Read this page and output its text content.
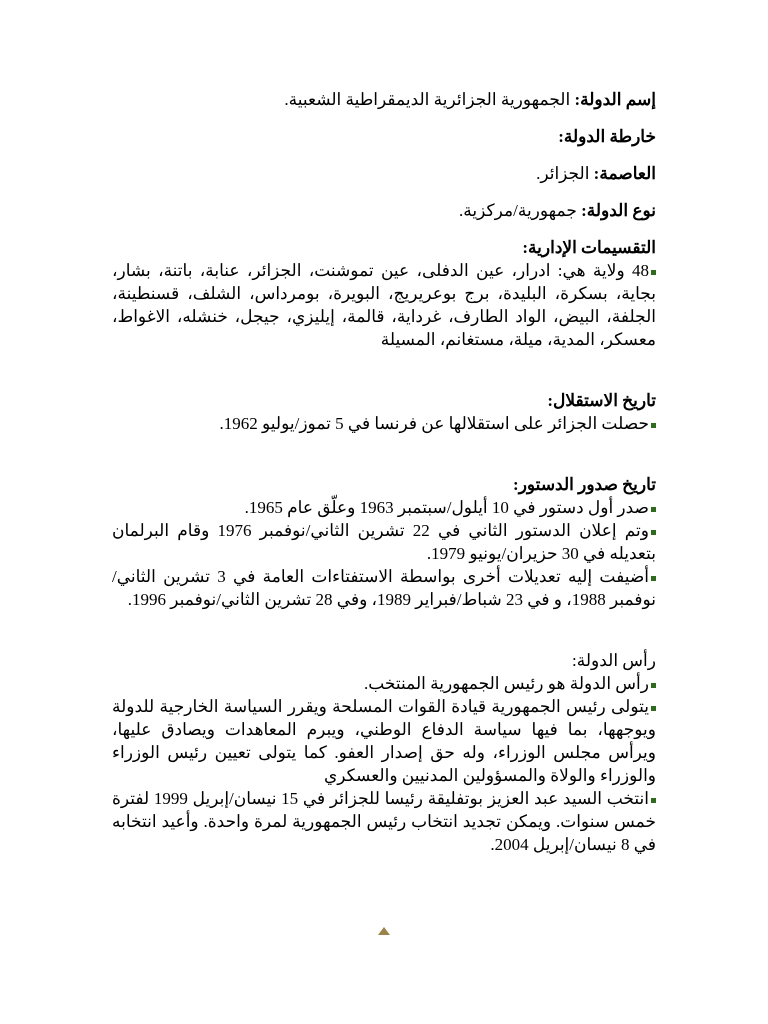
إسم الدولة: الجمهورية الجزائرية الديمقراطية الشعبية.

خارطة الدولة:

العاصمة: الجزائر.

نوع الدولة: جمهورية/مركزية.

التقسيمات الإدارية:

48 ولاية هي: ادرار، عين الدفلى، عين تموشنت، الجزائر، عنابة، باتنة، بشار، بجاية، بسكرة، البليدة، برج بوعريريج، البويرة، بومرداس، الشلف، قسنطينة، الجلفة، البيض، الواد الطارف، غرداية، قالمة، إيليزي، جيجل، خنشله، الاغواط، معسكر، المدية، ميلة، مستغانم، المسيلة

تاريخ الاستقلال:

حصلت الجزائر على استقلالها عن فرنسا في 5 تموز/يوليو 1962.

تاريخ صدور الدستور:

صدر أول دستور في 10 أيلول/سبتمبر 1963 وعلّق عام 1965.

وتم إعلان الدستور الثاني في 22 تشرين الثاني/نوفمبر 1976 وقام البرلمان بتعديله في 30 حزيران/يونيو 1979.

أضيفت إليه تعديلات أخرى بواسطة الاستفتاءات العامة في 3 تشرين الثاني/نوفمبر 1988، و في 23 شباط/فبراير 1989، وفي 28 تشرين الثاني/نوفمبر 1996.

رأس الدولة:

رأس الدولة هو رئيس الجمهورية المنتخب.

يتولى رئيس الجمهورية قيادة القوات المسلحة ويقرر السياسة الخارجية للدولة ويوجهها، بما فيها سياسة الدفاع الوطني، ويبرم المعاهدات ويصادق عليها، ويرأس مجلس الوزراء، وله حق إصدار العفو. كما يتولى تعيين رئيس الوزراء والوزراء والولاة والمسؤولين المدنيين والعسكري

انتخب السيد عبد العزيز بوتفليقة رئيسا للجزائر في 15 نيسان/إبريل 1999 لفترة خمس سنوات. ويمكن تجديد انتخاب رئيس الجمهورية لمرة واحدة. وأعيد انتخابه في 8 نيسان/إبريل 2004.
